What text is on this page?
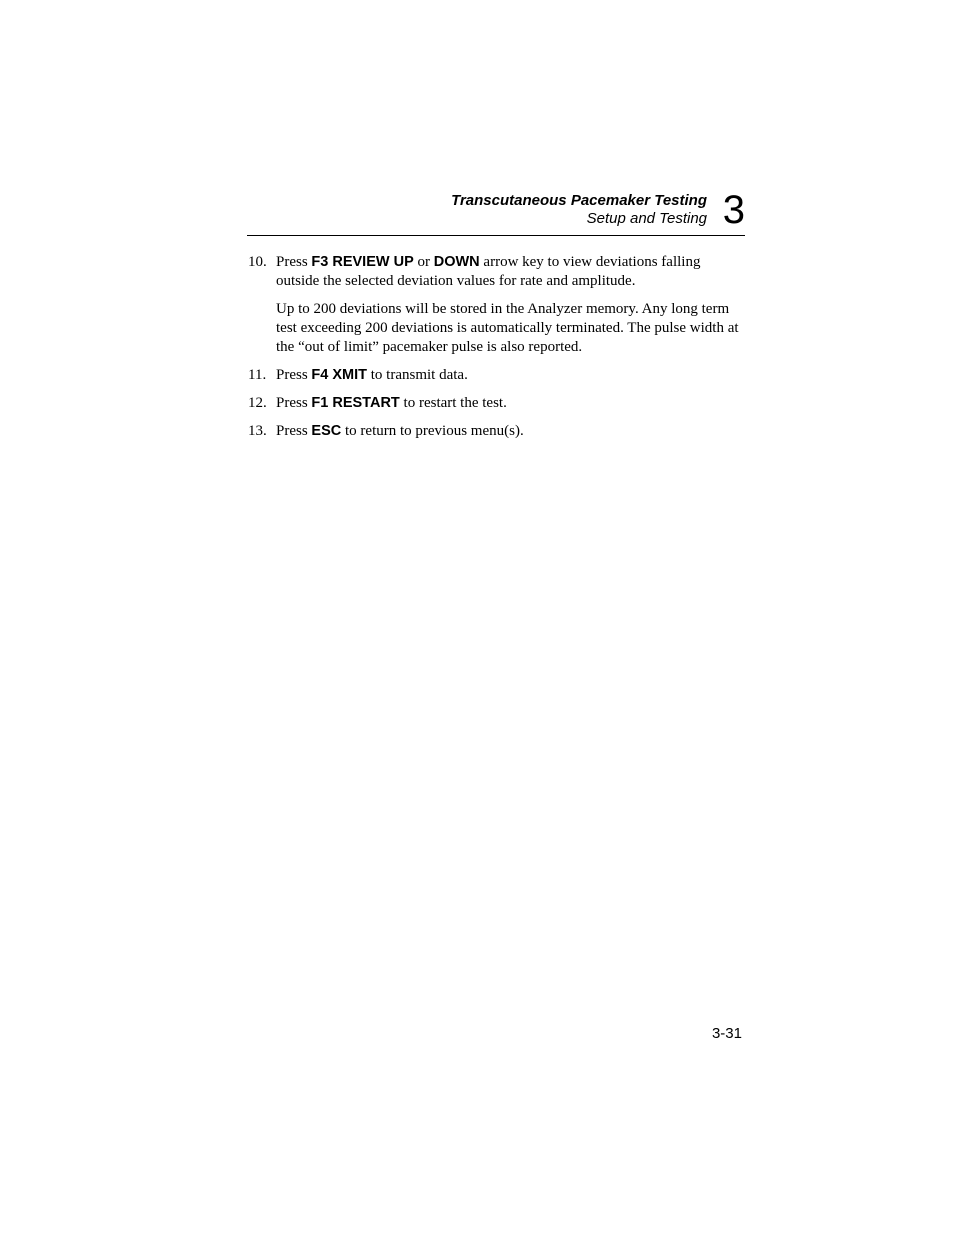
Transcutaneous Pacemaker Testing
Setup and Testing 3
10. Press F3 REVIEW UP or DOWN arrow key to view deviations falling outside the selected deviation values for rate and amplitude.

Up to 200 deviations will be stored in the Analyzer memory. Any long term test exceeding 200 deviations is automatically terminated. The pulse width at the “out of limit” pacemaker pulse is also reported.

11. Press F4 XMIT to transmit data.

12. Press F1 RESTART to restart the test.

13. Press ESC to return to previous menu(s).

3-31
